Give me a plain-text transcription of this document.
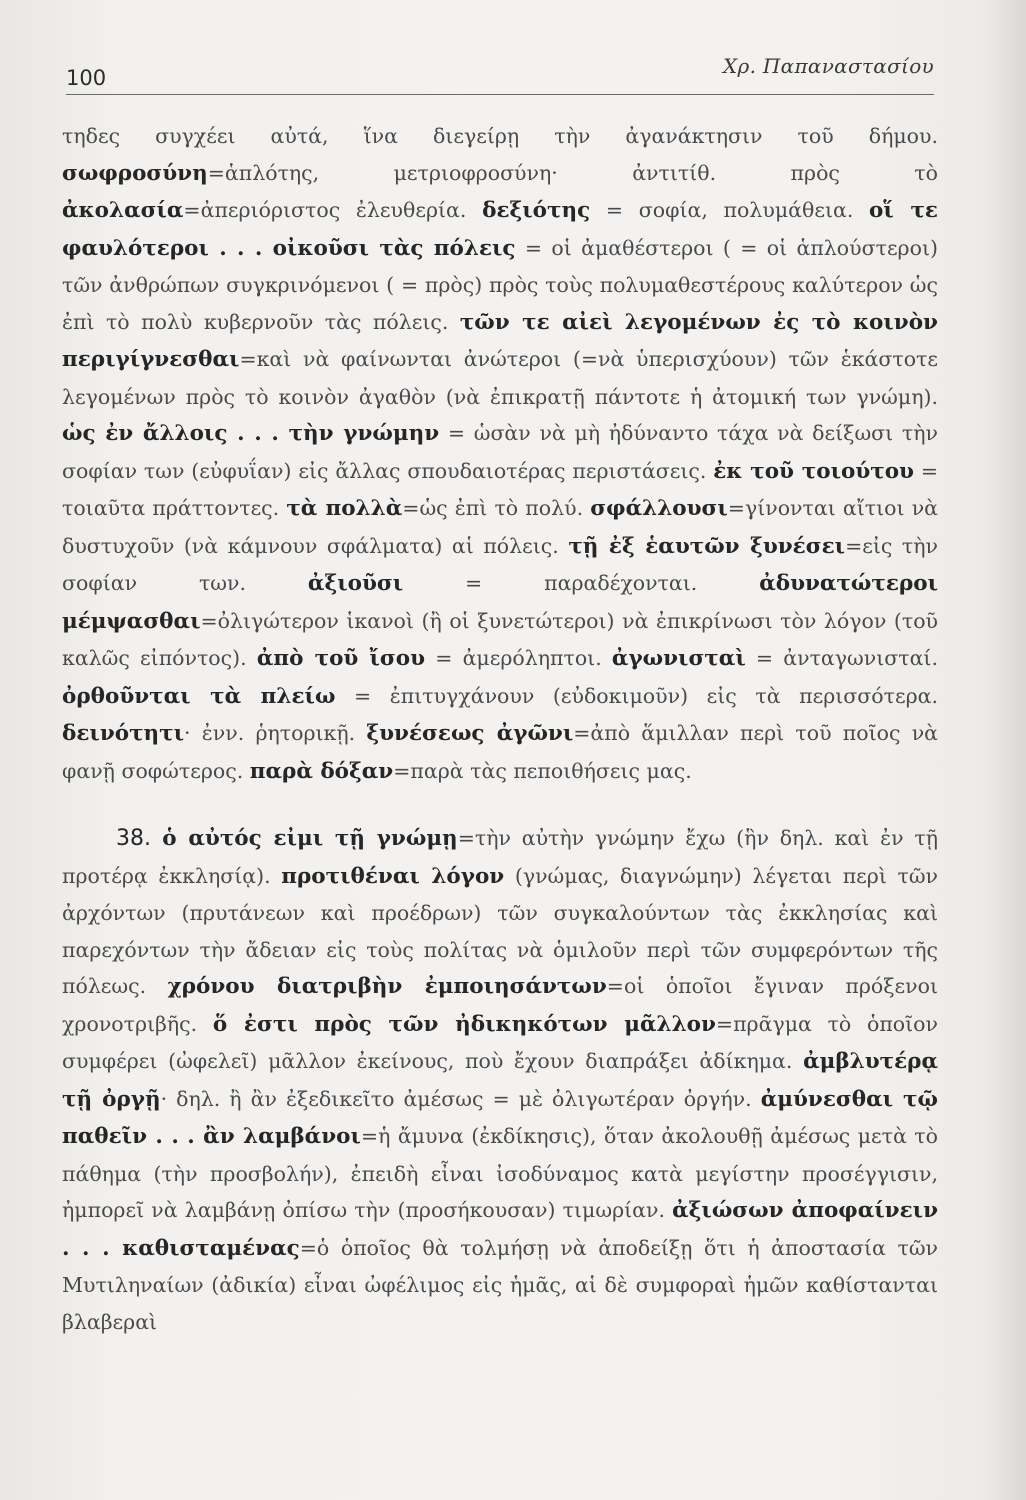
100	Χρ. Παπαναστασίου

τηδες συγχέει αὐτά, ἵνα διεγείρῃ τὴν ἀγανάκτησιν τοῦ δήμου. σωφροσύνη=ἁπλότης, μετριοφροσύνη· ἀντιτίθ. πρὸς τὸ ἀκολασία=ἀπεριόριστος ἐλευθερία. δεξιότης = σοφία, πολυμάθεια. οἵ τε φαυλότεροι . . . οἰκοῦσι τὰς πόλεις = οἱ ἀμαθέστεροι ( = οἱ ἁπλούστεροι) τῶν ἀνθρώπων συγκρινόμενοι ( = πρὸς) πρὸς τοὺς πολυμαθεστέρους καλύτερον ὡς ἐπὶ τὸ πολὺ κυβερνοῦν τὰς πόλεις. τῶν τε αἰεὶ λεγομένων ἐς τὸ κοινὸν περιγίγνεσθαι=καὶ νὰ φαίνωνται ἀνώτεροι (=νὰ ὑπερισχύουν) τῶν ἑκάστοτε λεγομένων πρὸς τὸ κοινὸν ἀγαθὸν (νὰ ἐπικρατῇ πάντοτε ἡ ἀτομική των γνώμη). ὡς ἐν ἄλλοις . . . τὴν γνώμην = ὡσὰν νὰ μὴ ἠδύναντο τάχα νὰ δείξωσι τὴν σοφίαν των (εὐφυΐαν) εἰς ἄλλας σπουδαιοτέρας περιστάσεις. ἐκ τοῦ τοιούτου = τοιαῦτα πράττοντες. τὰ πολλὰ=ὡς ἐπὶ τὸ πολύ. σφάλλουσι=γίνονται αἴτιοι νὰ δυστυχοῦν (νὰ κάμνουν σφάλματα) αἱ πόλεις. τῇ ἐξ ἑαυτῶν ξυνέσει=εἰς τὴν σοφίαν των. ἀξιοῦσι = παραδέχονται. ἀδυνατώτεροι μέμψασθαι=ὀλιγώτερον ἱκανοὶ (ἢ οἱ ξυνετώτεροι) νὰ ἐπικρίνωσι τὸν λόγον (τοῦ καλῶς εἰπόντος). ἀπὸ τοῦ ἴσου = ἀμερόληπτοι. ἀγωνισταὶ = ἀνταγωνισταί. ὀρθοῦνται τὰ πλείω = ἐπιτυγχάνουν (εὐδοκιμοῦν) εἰς τὰ περισσότερα. δεινότητι· ἐνν. ῥητορικῇ. ξυνέσεως ἀγῶνι=ἀπὸ ἅμιλλαν περὶ τοῦ ποῖος νὰ φανῇ σοφώτερος. παρὰ δόξαν=παρὰ τὰς πεποιθήσεις μας.

38. ὁ αὐτός εἰμι τῇ γνώμῃ=τὴν αὐτὴν γνώμην ἔχω (ἣν δηλ. καὶ ἐν τῇ προτέρᾳ ἐκκλησίᾳ). προτιθέναι λόγον (γνώμας, διαγνώμην) λέγεται περὶ τῶν ἀρχόντων (πρυτάνεων καὶ προέδρων) τῶν συγκαλούντων τὰς ἐκκλησίας καὶ παρεχόντων τὴν ἄδειαν εἰς τοὺς πολίτας νὰ ὁμιλοῦν περὶ τῶν συμφερόντων τῆς πόλεως. χρόνου διατριβὴν ἐμποιησάντων=οἱ ὁποῖοι ἔγιναν πρόξενοι χρονοτριβῆς. ὅ ἐστι πρὸς τῶν ἠδικηκότων μᾶλλον=πρᾶγμα τὸ ὁποῖον συμφέρει (ὠφελεῖ) μᾶλλον ἐκείνους, ποὺ ἔχουν διαπράξει ἀδίκημα. ἀμβλυτέρᾳ τῇ ὀργῇ· δηλ. ἢ ἂν ἐξεδικεῖτο ἀμέσως = μὲ ὀλιγωτέραν ὀργήν. ἀμύνεσθαι τῷ παθεῖν . . . ἂν λαμβάνοι=ἡ ἄμυνα (ἐκδίκησις), ὅταν ἀκολουθῇ ἀμέσως μετὰ τὸ πάθημα (τὴν προσβολήν), ἐπειδὴ εἶναι ἰσοδύναμος κατὰ μεγίστην προσέγγισιν, ἠμπορεῖ νὰ λαμβάνῃ ὀπίσω τὴν (προσήκουσαν) τιμωρίαν. ἀξιώσων ἀποφαίνειν . . . καθισταμένας=ὁ ὁποῖος θὰ τολμήσῃ νὰ ἀποδείξῃ ὅτι ἡ ἀποστασία τῶν Μυτιληναίων (ἀδικία) εἶναι ὠφέλιμος εἰς ἡμᾶς, αἱ δὲ συμφοραὶ ἡμῶν καθίστανται βλαβεραὶ
